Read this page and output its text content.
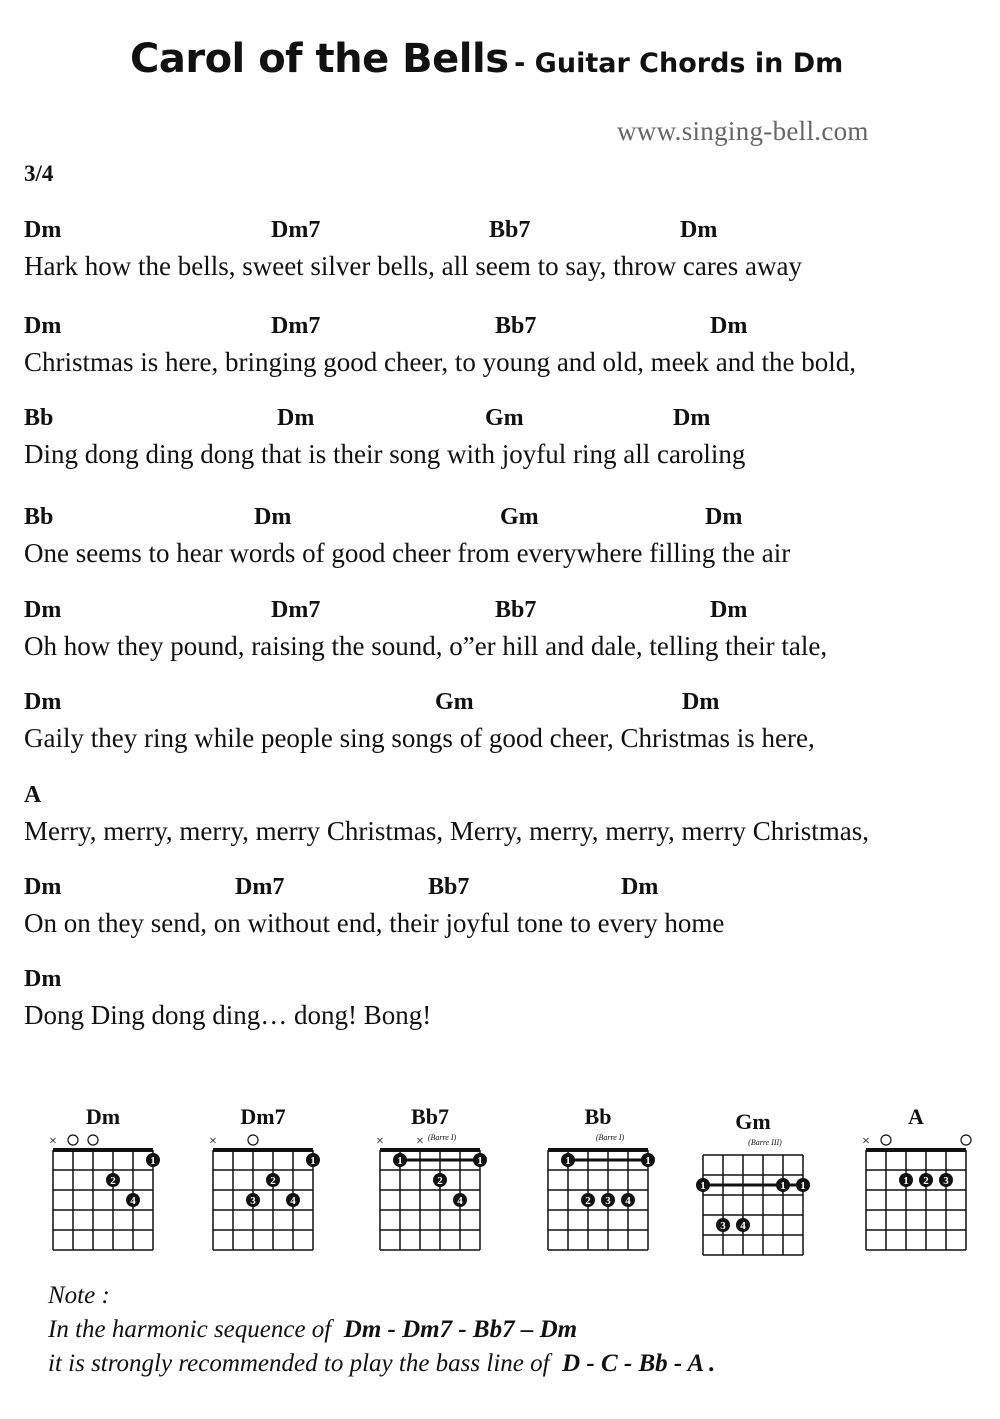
Carol of the Bells - Guitar Chords in Dm
www.singing-bell.com
3/4
Dm	Dm7	Bb7	Dm
Hark how the bells, sweet silver bells, all seem to say, throw cares away
Dm	Dm7	Bb7	Dm
Christmas is here, bringing good cheer, to young and old, meek and the bold,
Bb	Dm	Gm	Dm
Ding dong ding dong that is their song with joyful ring all caroling
Bb	Dm	Gm	Dm
One seems to hear words of good cheer from everywhere filling the air
Dm	Dm7	Bb7	Dm
Oh how they pound, raising the sound, o”er hill and dale, telling their tale,
Dm	Gm	Dm
Gaily they ring while people sing songs of good cheer, Christmas is here,
A
Merry, merry, merry, merry Christmas, Merry, merry, merry, merry Christmas,
Dm	Dm7	Bb7	Dm
On on they send, on without end, their joyful tone to every home
Dm
Dong Ding dong ding… dong! Bong!
Dm
×
1
2
4
Dm7
×
1
2
3	4
Bb7
(Barre I)
× ×
1	1
2
4
Bb
(Barre I)
1	1
2 3 4
Gm
(Barre III)
1	1
1
3 4
A
×
1 2 3
Note :
In the harmonic sequence of Dm - Dm7 - Bb7 – Dm
it is strongly recommended to play the bass line of D - C - Bb - A .
